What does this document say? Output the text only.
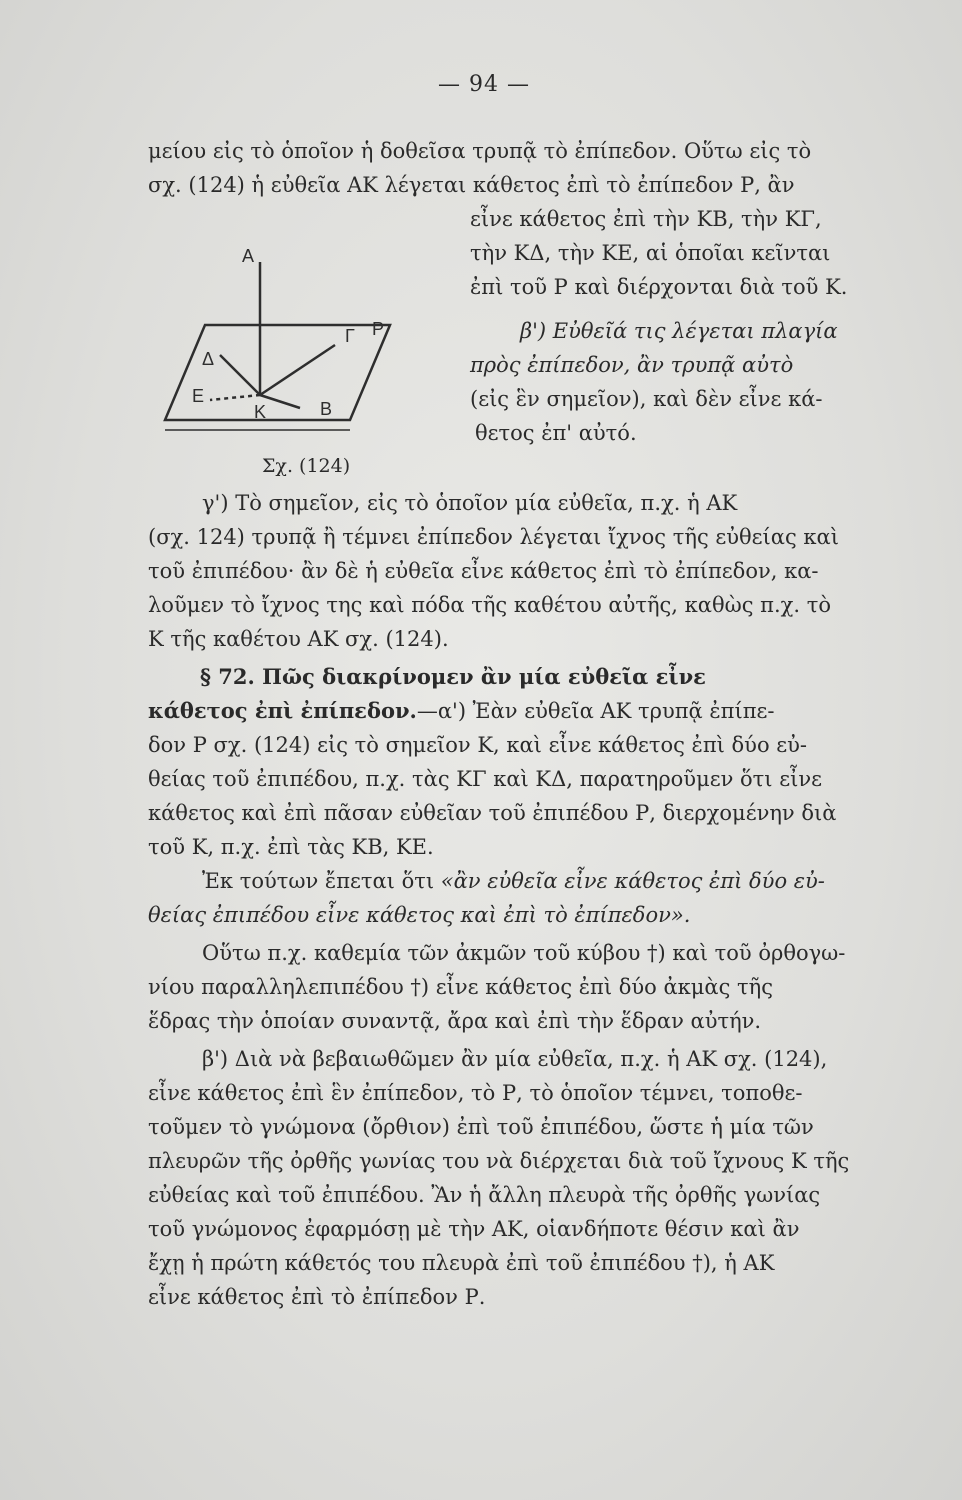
— 94 —
μείου εἰς τὸ ὁποῖον ἡ δοθεῖσα τρυπᾷ τὸ ἐπίπεδον. Οὕτω εἰς τὸ
σχ. (124) ἡ εὐθεῖα ΑΚ λέγεται κάθετος ἐπὶ τὸ ἐπίπεδον Ρ, ἂν
εἶνε κάθετος ἐπὶ τὴν ΚΒ, τὴν ΚΓ,
τὴν ΚΔ, τὴν ΚΕ, αἱ ὁποῖαι κεῖνται
ἐπὶ τοῦ Ρ καὶ διέρχονται διὰ τοῦ Κ.
β') Εὐθεῖά τις λέγεται πλαγία
πρὸς ἐπίπεδον, ἂν τρυπᾷ αὐτὸ
(εἰς ἓν σημεῖον), καὶ δὲν εἶνε κά-
θετος ἐπ' αὐτό.
A
Γ P
Δ
E
K	B
Σχ. (124)
γ') Τὸ σημεῖον, εἰς τὸ ὁποῖον μία εὐθεῖα, π.χ. ἡ ΑΚ
(σχ. 124) τρυπᾷ ἢ τέμνει ἐπίπεδον λέγεται ἴχνος τῆς εὐθείας καὶ
τοῦ ἐπιπέδου· ἂν δὲ ἡ εὐθεῖα εἶνε κάθετος ἐπὶ τὸ ἐπίπεδον, κα-
λοῦμεν τὸ ἴχνος της καὶ πόδα τῆς καθέτου αὐτῆς, καθὼς π.χ. τὸ
Κ τῆς καθέτου ΑΚ σχ. (124).
§ 72. Πῶς διακρίνομεν ἂν μία εὐθεῖα εἶνε
κάθετος ἐπὶ ἐπίπεδον.—α') Ἐὰν εὐθεῖα ΑΚ τρυπᾷ ἐπίπε-
δον Ρ σχ. (124) εἰς τὸ σημεῖον Κ, καὶ εἶνε κάθετος ἐπὶ δύο εὐ-
θείας τοῦ ἐπιπέδου, π.χ. τὰς ΚΓ καὶ ΚΔ, παρατηροῦμεν ὅτι εἶνε
κάθετος καὶ ἐπὶ πᾶσαν εὐθεῖαν τοῦ ἐπιπέδου Ρ, διερχομένην διὰ
τοῦ Κ, π.χ. ἐπὶ τὰς ΚΒ, ΚΕ.
Ἐκ τούτων ἔπεται ὅτι «ἂν εὐθεῖα εἶνε κάθετος ἐπὶ δύο εὐ-
θείας ἐπιπέδου εἶνε κάθετος καὶ ἐπὶ τὸ ἐπίπεδον».
Οὕτω π.χ. καθεμία τῶν ἀκμῶν τοῦ κύβου †) καὶ τοῦ ὀρθογω-
νίου παραλληλεπιπέδου †) εἶνε κάθετος ἐπὶ δύο ἀκμὰς τῆς
ἕδρας τὴν ὁποίαν συναντᾷ, ἄρα καὶ ἐπὶ τὴν ἕδραν αὐτήν.
β') Διὰ νὰ βεβαιωθῶμεν ἂν μία εὐθεῖα, π.χ. ἡ ΑΚ σχ. (124),
εἶνε κάθετος ἐπὶ ἓν ἐπίπεδον, τὸ Ρ, τὸ ὁποῖον τέμνει, τοποθε-
τοῦμεν τὸ γνώμονα (ὄρθιον) ἐπὶ τοῦ ἐπιπέδου, ὥστε ἡ μία τῶν
πλευρῶν τῆς ὀρθῆς γωνίας του νὰ διέρχεται διὰ τοῦ ἴχνους Κ τῆς
εὐθείας καὶ τοῦ ἐπιπέδου. Ἂν ἡ ἄλλη πλευρὰ τῆς ὀρθῆς γωνίας
τοῦ γνώμονος ἐφαρμόσῃ μὲ τὴν ΑΚ, οἱανδήποτε θέσιν καὶ ἂν
ἔχῃ ἡ πρώτη κάθετός του πλευρὰ ἐπὶ τοῦ ἐπιπέδου †), ἡ ΑΚ
εἶνε κάθετος ἐπὶ τὸ ἐπίπεδον Ρ.
